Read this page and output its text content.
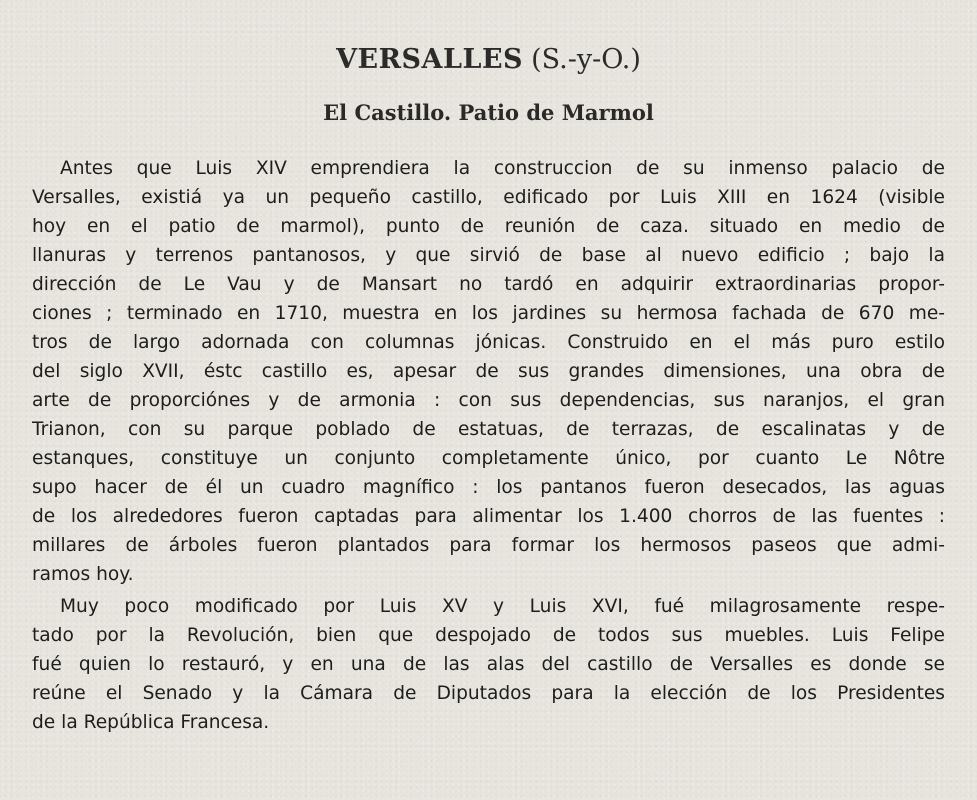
VERSALLES (S.-y-O.)
El Castillo. Patio de Marmol
Antes que Luis XIV emprendiera la construccion de su inmenso palacio de
Versalles, existiá ya un pequeño castillo, edificado por Luis XIII en 1624 (visible
hoy en el patio de marmol), punto de reunión de caza. situado en medio de
llanuras y terrenos pantanosos, y que sirvió de base al nuevo edificio ; bajo la
dirección de Le Vau y de Mansart no tardó en adquirir extraordinarias propor-
ciones ; terminado en 1710, muestra en los jardines su hermosa fachada de 670 me-
tros de largo adornada con columnas jónicas. Construido en el más puro estilo
del siglo XVII, éstc castillo es, apesar de sus grandes dimensiones, una obra de
arte de proporciónes y de armonia : con sus dependencias, sus naranjos, el gran
Trianon, con su parque poblado de estatuas, de terrazas, de escalinatas y de
estanques, constituye un conjunto completamente único, por cuanto Le Nôtre
supo hacer de él un cuadro magnífico : los pantanos fueron desecados, las aguas
de los alrededores fueron captadas para alimentar los 1.400 chorros de las fuentes :
millares de árboles fueron plantados para formar los hermosos paseos que admi-
ramos hoy.
Muy poco modificado por Luis XV y Luis XVI, fué milagrosamente respe-
tado por la Revolución, bien que despojado de todos sus muebles. Luis Felipe
fué quien lo restauró, y en una de las alas del castillo de Versalles es donde se
reúne el Senado y la Cámara de Diputados para la elección de los Presidentes
de la República Francesa.
